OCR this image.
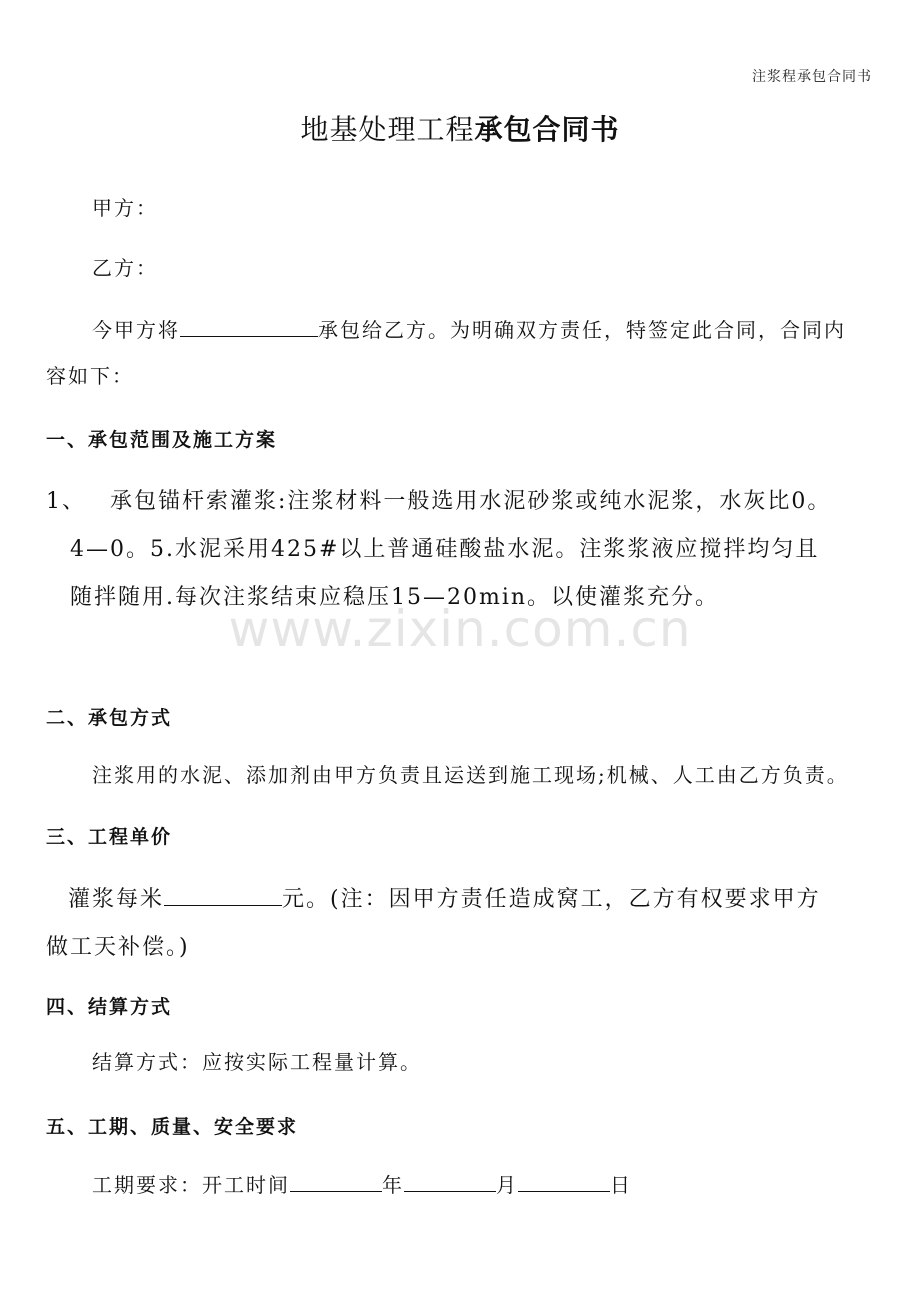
注浆程承包合同书
地基处理工程承包合同书
甲方：
乙方：
今甲方将	承包给乙方。为明确双方责任，特签定此合同，合同内
容如下：
一、承包范围及施工方案
1、 承包锚杆索灌浆:注浆材料一般选用水泥砂浆或纯水泥浆，水灰比0。
4—0。5.水泥采用425#以上普通硅酸盐水泥。注浆浆液应搅拌均匀且
随拌随用.每次注浆结束应稳压15—20min。以使灌浆充分。
www.zixin.com.cn
二、承包方式
注浆用的水泥、添加剂由甲方负责且运送到施工现场;机械、人工由乙方负责。
三、工程单价
灌浆每米	元。(注：因甲方责任造成窝工，乙方有权要求甲方
做工天补偿。)
四、结算方式
结算方式：应按实际工程量计算。
五、工期、质量、安全要求
工期要求：开工时间	年	月	日
